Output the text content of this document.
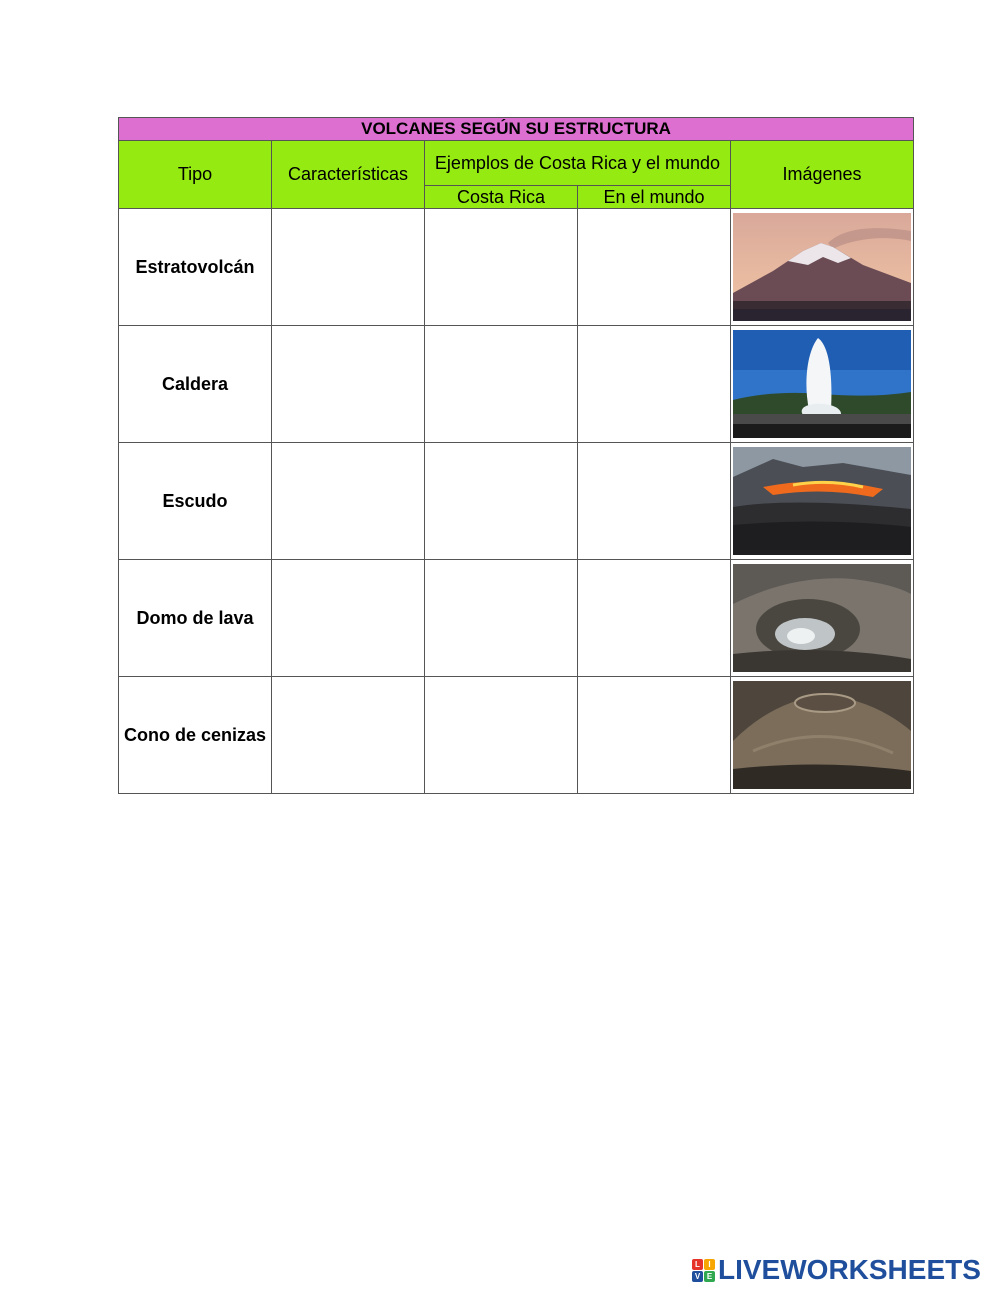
VOLCANES SEGÚN SU ESTRUCTURA				
Tipo	Características	Ejemplos de Costa Rica y el mundo		Imágenes
		Costa Rica	En el mundo	
Estratovolcán				

Caldera				

Escudo				

Domo de lava				

Cono de cenizas				
L	I
V E LIVEWORKSHEETS
